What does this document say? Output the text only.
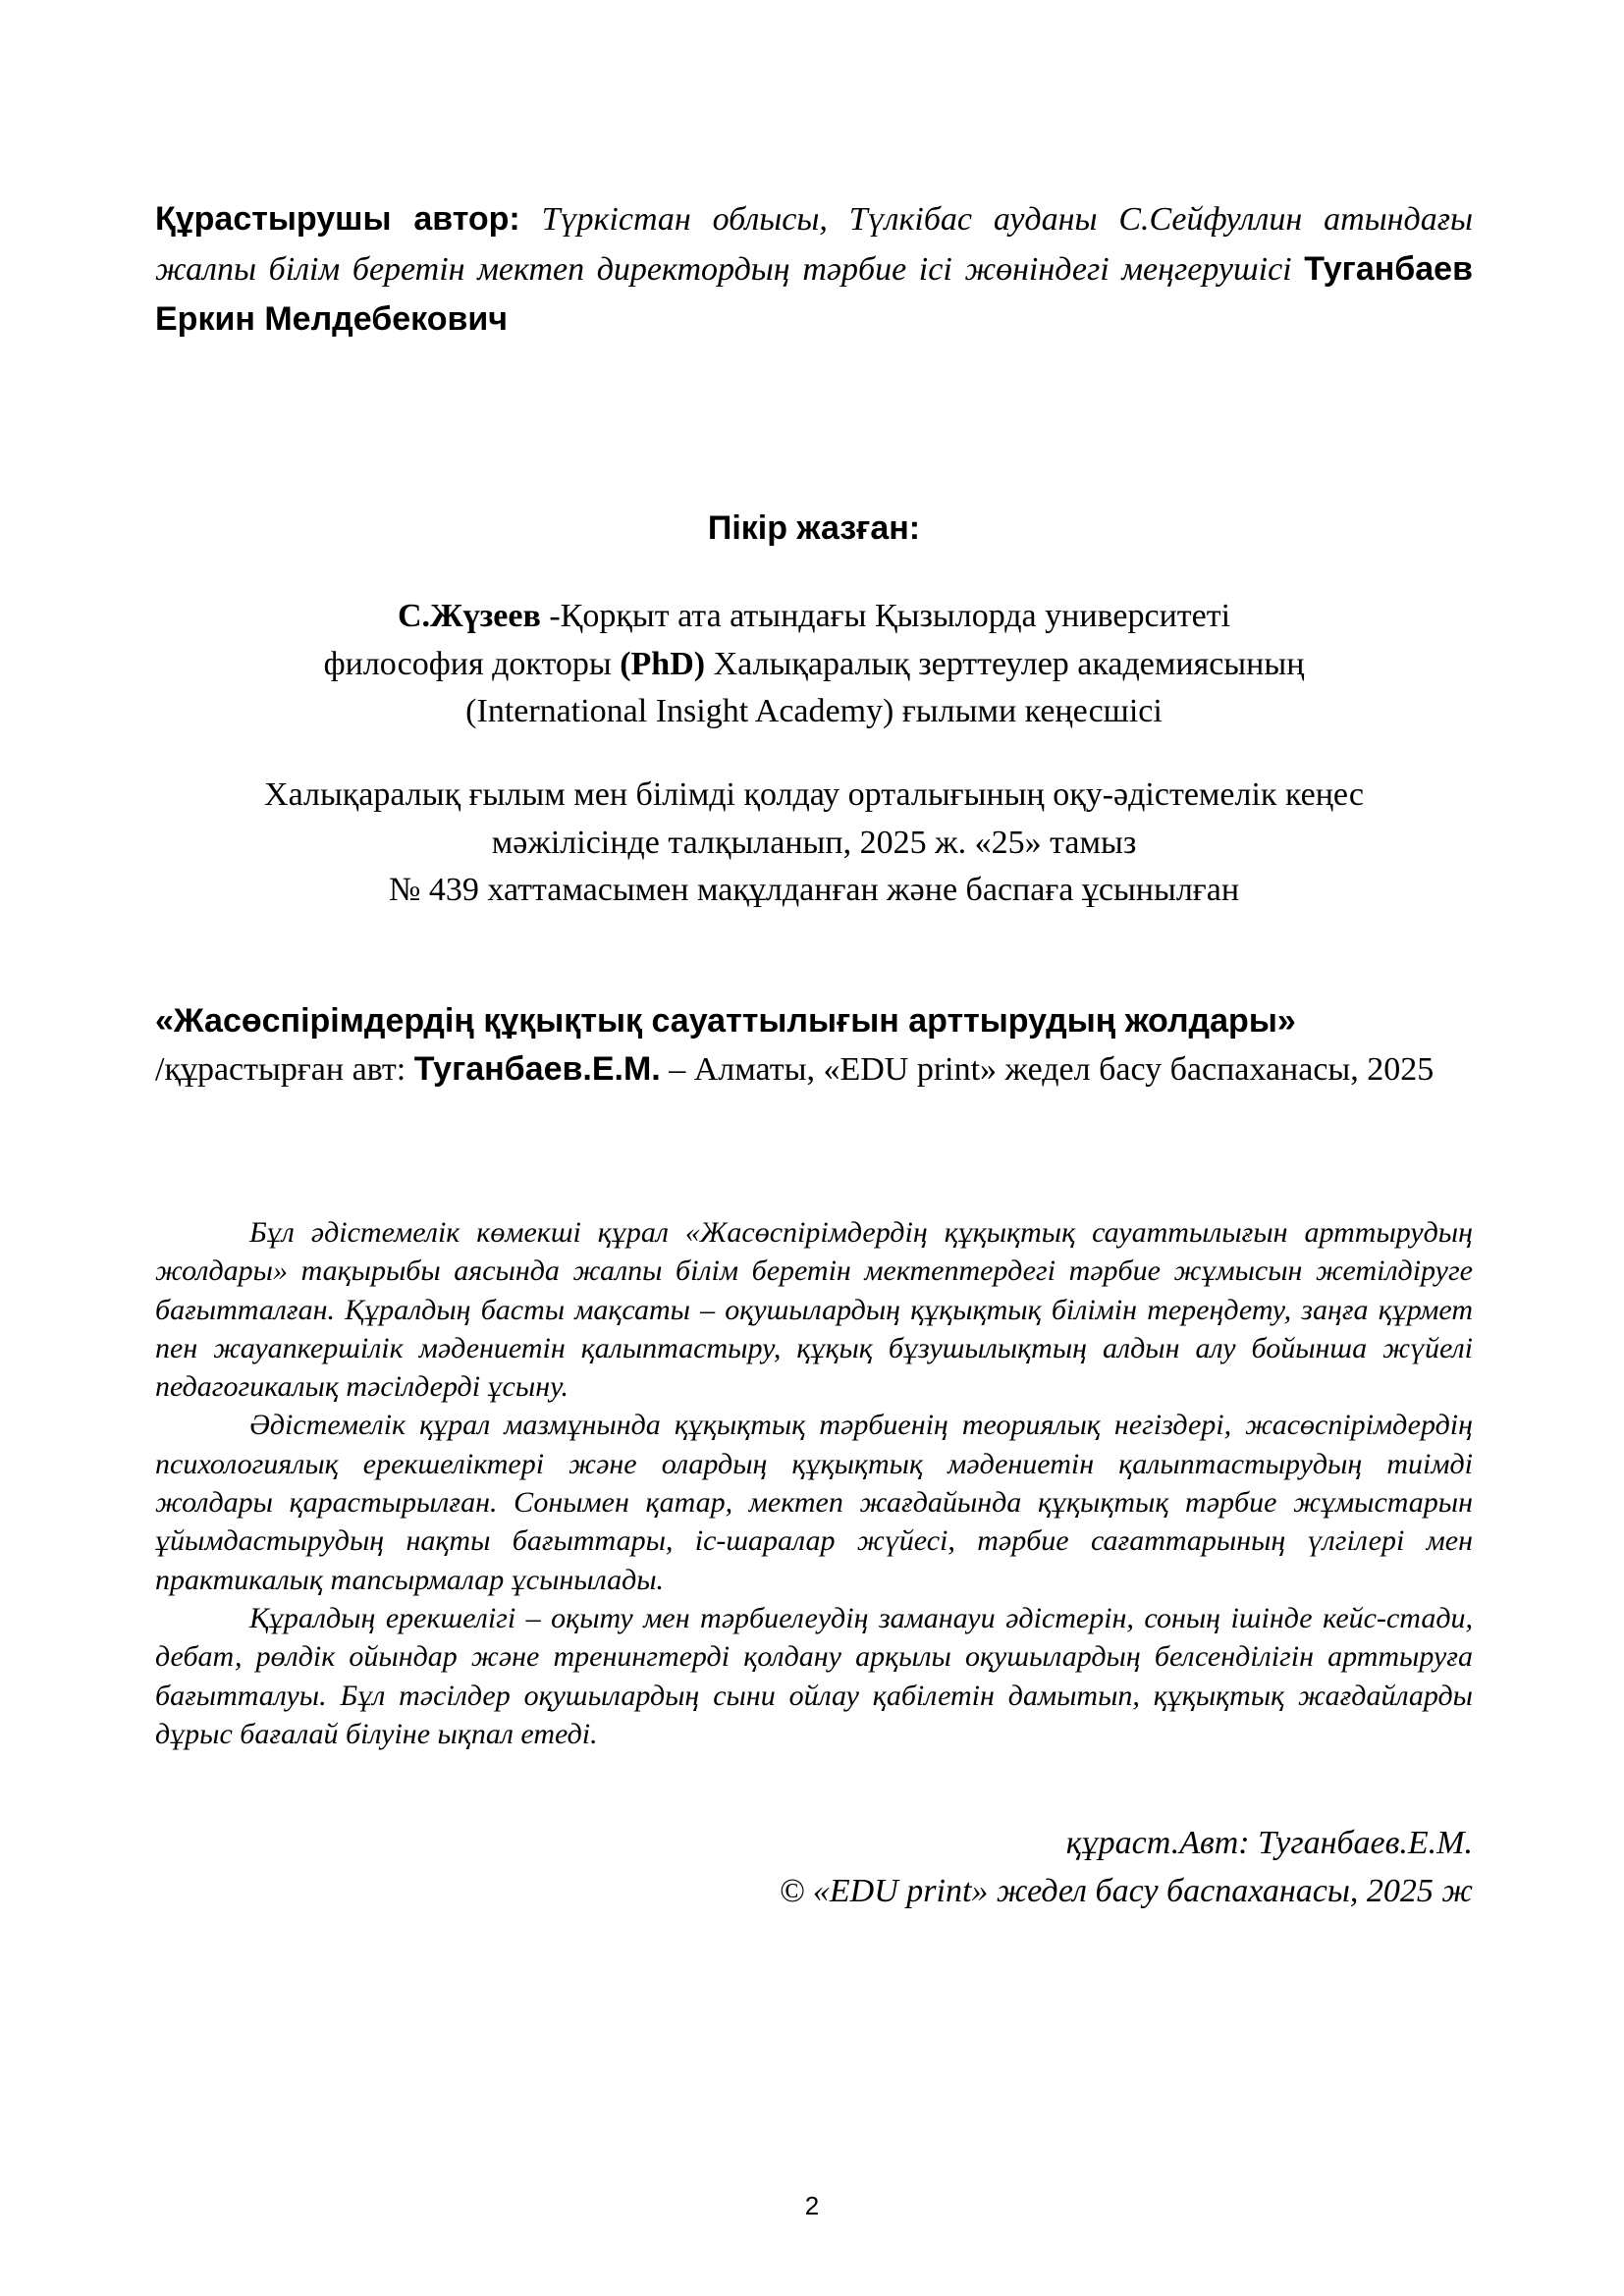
Құрастырушы автор: Түркістан облысы, Түлкібас ауданы С.Сейфуллин атындағы жалпы білім беретін мектеп директордың тәрбие ісі жөніндегі меңгерушісі Туганбаев Еркин Мелдебекович
Пікір жазған:
С.Жүзеев -Қорқыт ата атындағы Қызылорда университеті
философия докторы (PhD) Халықаралық зерттеулер академиясының
(International Insight Academy) ғылыми кеңесшісі
Халықаралық ғылым мен білімді қолдау орталығының оқу-әдістемелік кеңес
мәжілісінде талқыланып, 2025 ж. «25» тамыз
№ 439 хаттамасымен мақұлданған және баспаға ұсынылған
«Жасөспірімдердің құқықтық сауаттылығын арттырудың жолдары»
/құрастырған авт: Туганбаев.Е.М. – Алматы, «EDU print» жедел басу баспаханасы, 2025

Бұл әдістемелік көмекші құрал «Жасөспірімдердің құқықтық сауаттылығын арттырудың жолдары» тақырыбы аясында жалпы білім беретін мектептердегі тәрбие жұмысын жетілдіруге бағытталған. Құралдың басты мақсаты – оқушылардың құқықтық білімін тереңдету, заңға құрмет пен жауапкершілік мәдениетін қалыптастыру, құқық бұзушылықтың алдын алу бойынша жүйелі педагогикалық тәсілдерді ұсыну.

Әдістемелік құрал мазмұнында құқықтық тәрбиенің теориялық негіздері, жасөспірімдердің психологиялық ерекшеліктері және олардың құқықтық мәдениетін қалыптастырудың тиімді жолдары қарастырылған. Сонымен қатар, мектеп жағдайында құқықтық тәрбие жұмыстарын ұйымдастырудың нақты бағыттары, іс-шаралар жүйесі, тәрбие сағаттарының үлгілері мен практикалық тапсырмалар ұсынылады.

Құралдың ерекшелігі – оқыту мен тәрбиелеудің заманауи әдістерін, соның ішінде кейс-стади, дебат, рөлдік ойындар және тренингтерді қолдану арқылы оқушылардың белсенділігін арттыруға бағытталуы. Бұл тәсілдер оқушылардың сыни ойлау қабілетін дамытып, құқықтық жағдайларды дұрыс бағалай білуіне ықпал етеді.

құраст.Авт: Туганбаев.Е.М.
© «EDU print» жедел басу баспаханасы, 2025 ж
2
